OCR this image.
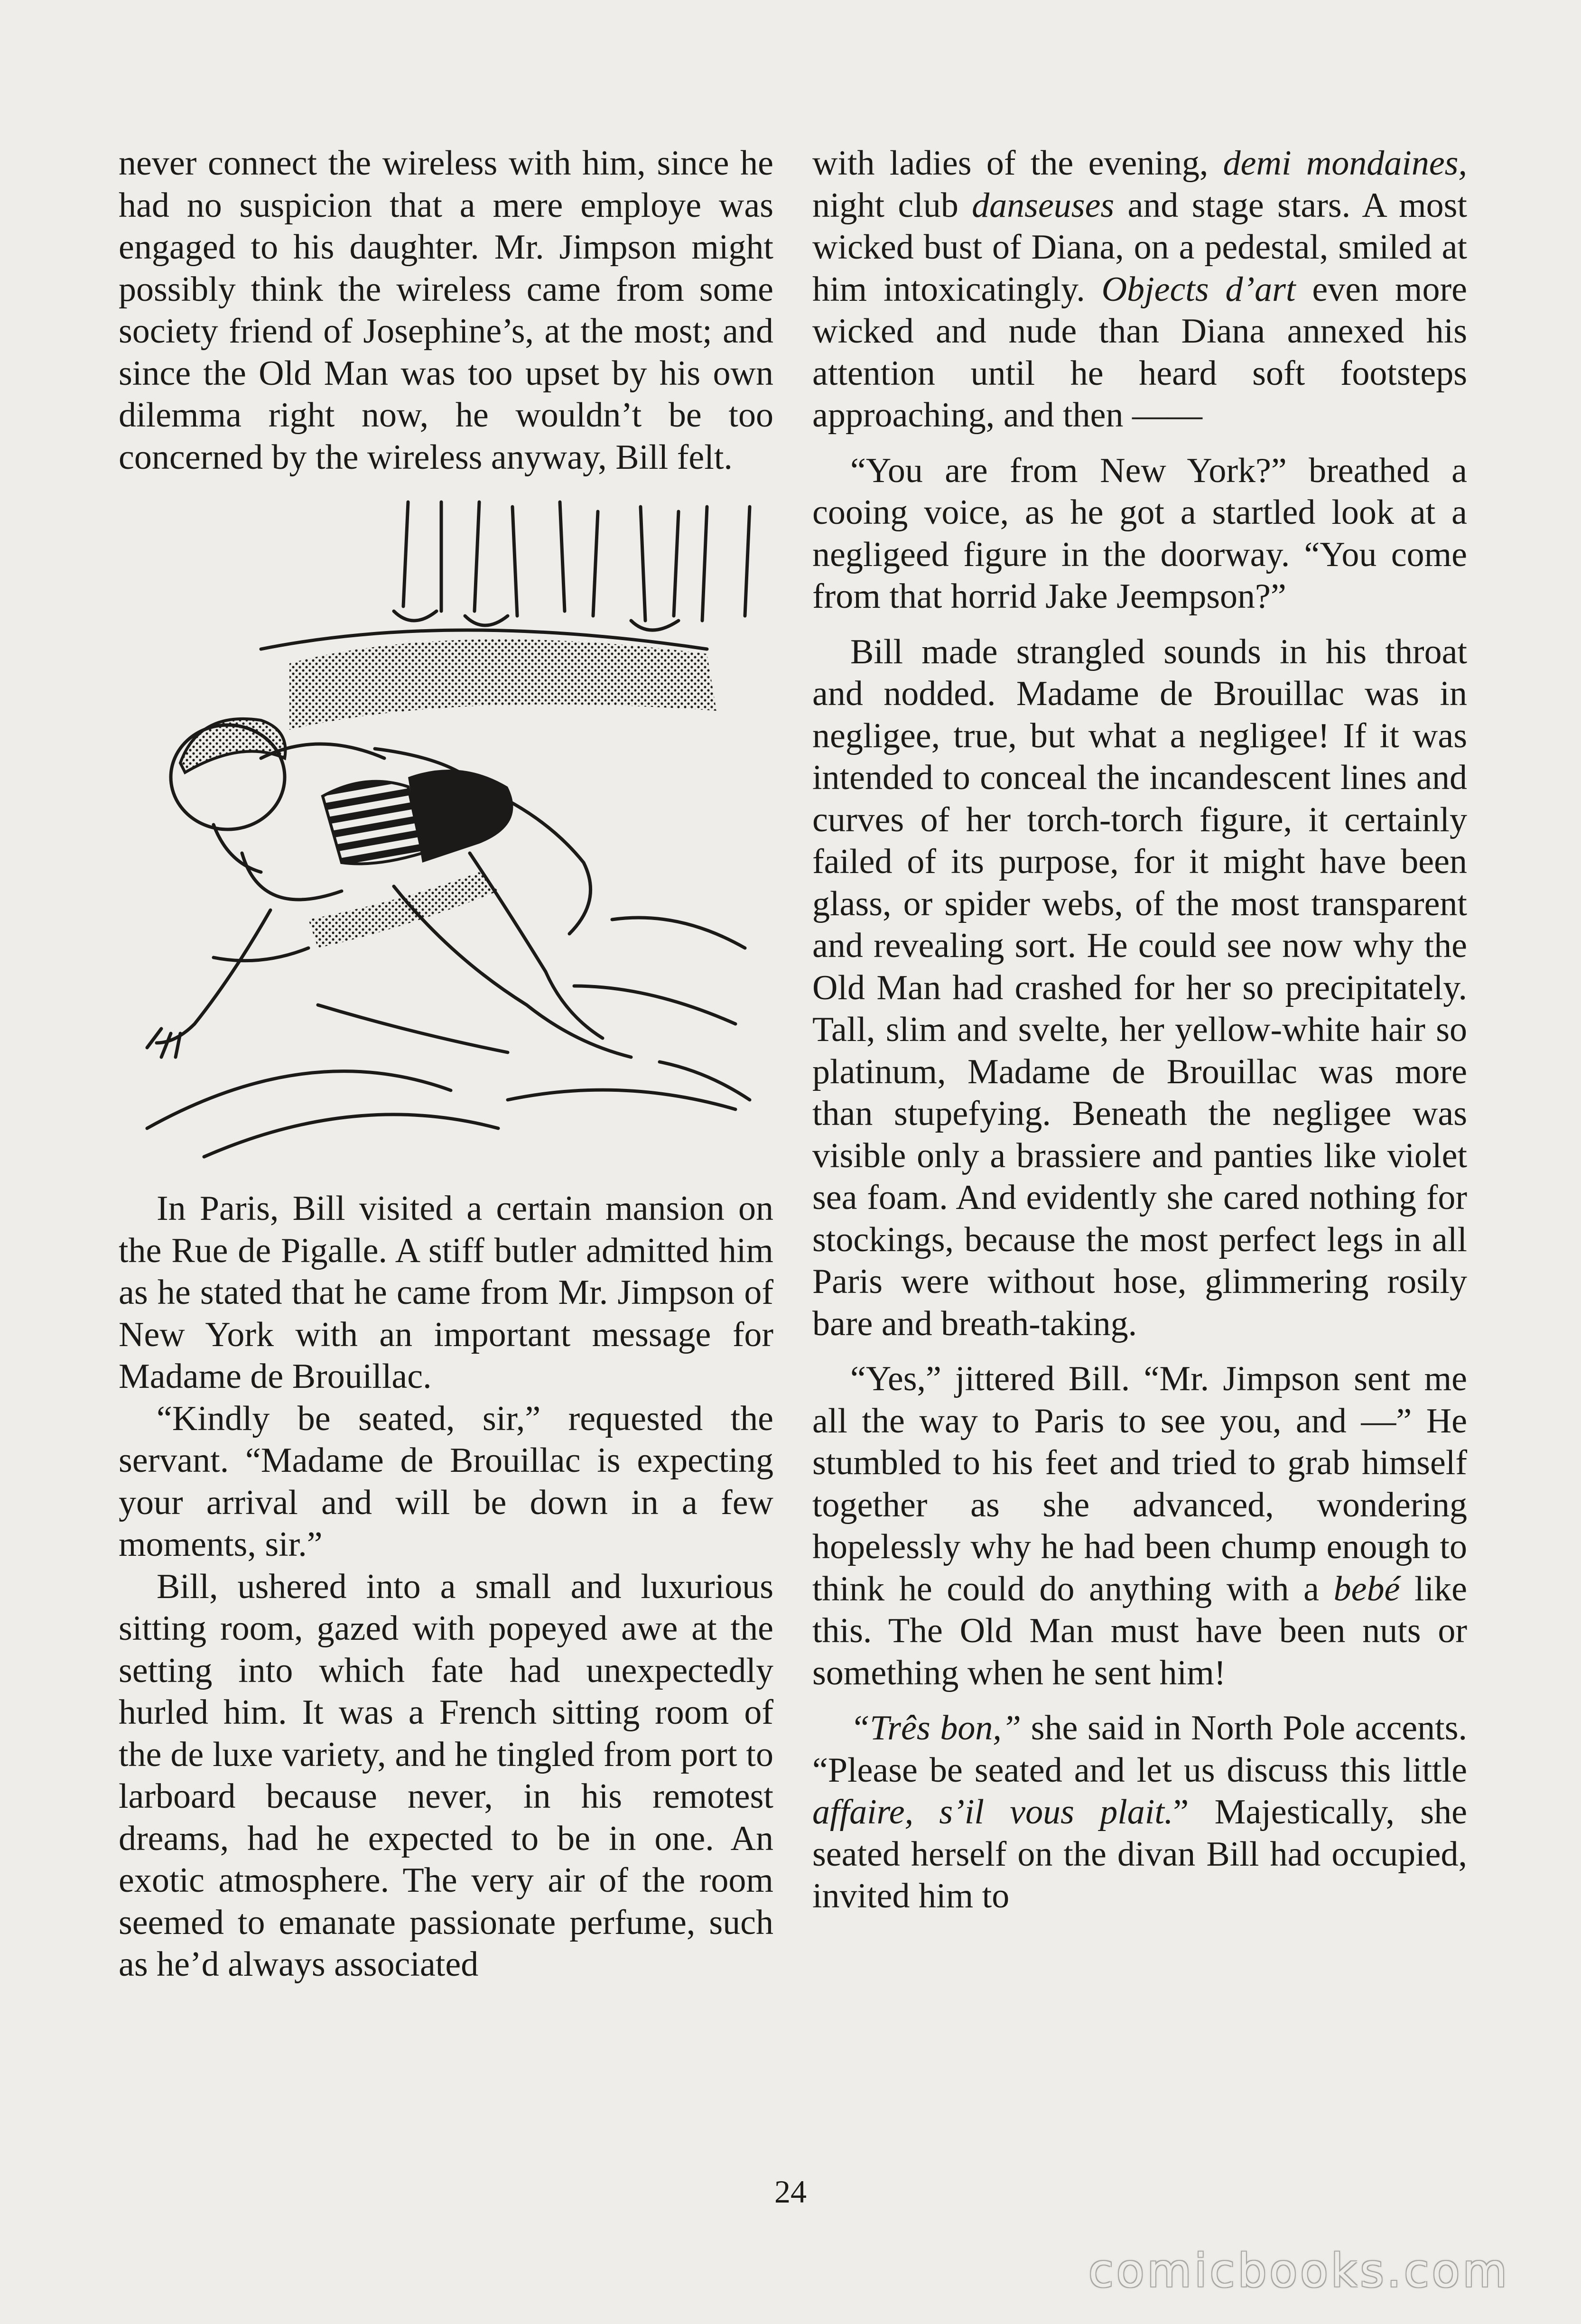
never connect the wireless with him, since he had no suspicion that a mere employe was engaged to his daughter. Mr. Jimpson might possibly think the wireless came from some society friend of Josephine’s, at the most; and since the Old Man was too upset by his own dilemma right now, he wouldn’t be too concerned by the wireless anyway, Bill felt.

In Paris, Bill visited a certain mansion on the Rue de Pigalle. A stiff butler admitted him as he stated that he came from Mr. Jimpson of New York with an important message for Madame de Brouillac.

“Kindly be seated, sir,” requested the servant. “Madame de Brouillac is expecting your arrival and will be down in a few moments, sir.”

Bill, ushered into a small and luxurious sitting room, gazed with popeyed awe at the setting into which fate had unexpectedly hurled him. It was a French sitting room of the de luxe variety, and he tingled from port to larboard because never, in his remotest dreams, had he expected to be in one. An exotic atmosphere. The very air of the room seemed to emanate passionate perfume, such as he’d always associated

with ladies of the evening, demi mondaines, night club danseuses and stage stars. A most wicked bust of Diana, on a pedestal, smiled at him intoxicatingly. Objects d’art even more wicked and nude than Diana annexed his attention until he heard soft footsteps approaching, and then ——

“You are from New York?” breathed a cooing voice, as he got a startled look at a negligeed figure in the doorway. “You come from that horrid Jake Jeempson?”

Bill made strangled sounds in his throat and nodded. Madame de Brouillac was in negligee, true, but what a negligee! If it was intended to conceal the incandescent lines and curves of her torch-torch figure, it certainly failed of its purpose, for it might have been glass, or spider webs, of the most transparent and revealing sort. He could see now why the Old Man had crashed for her so precipitately. Tall, slim and svelte, her yellow-white hair so platinum, Madame de Brouillac was more than stupefying. Beneath the negligee was visible only a brassiere and panties like violet sea foam. And evidently she cared nothing for stockings, because the most perfect legs in all Paris were without hose, glimmering rosily bare and breath-taking.

“Yes,” jittered Bill. “Mr. Jimpson sent me all the way to Paris to see you, and —” He stumbled to his feet and tried to grab himself together as she advanced, wondering hopelessly why he had been chump enough to think he could do anything with a bebé like this. The Old Man must have been nuts or something when he sent him!

“Três bon,” she said in North Pole accents. “Please be seated and let us discuss this little affaire, s’il vous plait.” Majestically, she seated herself on the divan Bill had occupied, invited him to

24
comicbooks.com
